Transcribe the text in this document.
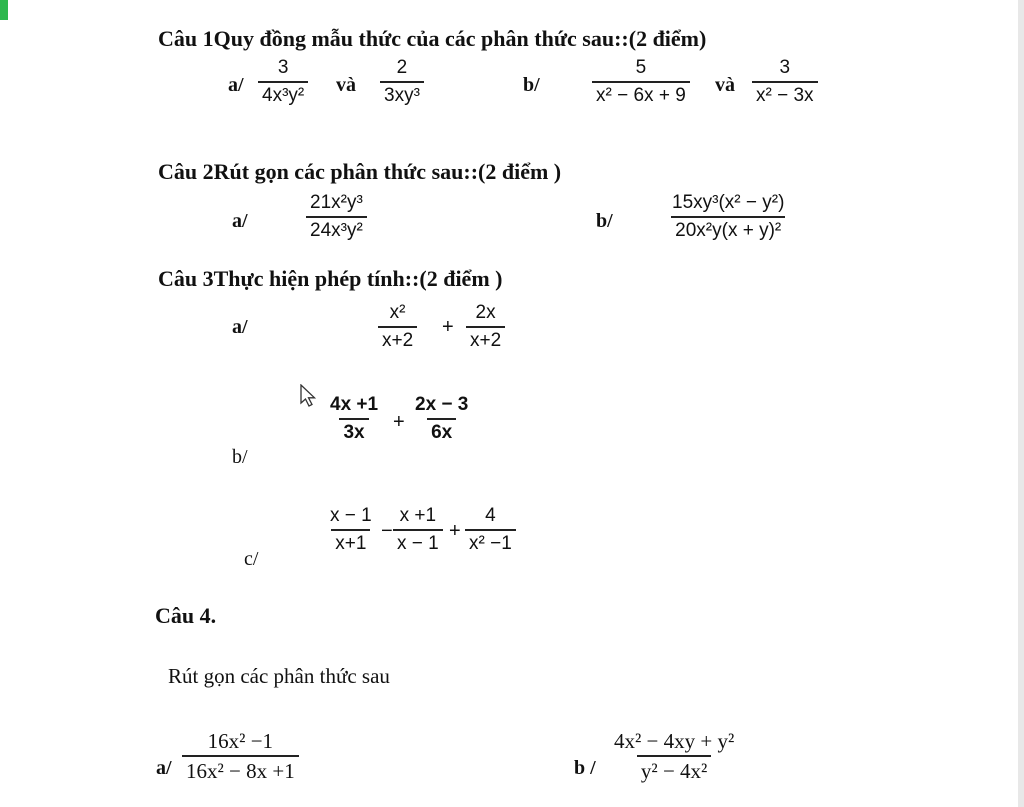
Câu 1Quy đồng mẫu thức của các phân thức sau::(2 điểm)
$a/ \frac{3}{\text{4x³y²}}$ và $\frac{2}{\text{3xy³}}$	b/	$\frac{5}{\text{x² − 6x + 9}}$ và $\frac{3}{\text{x² − 3x}}$
Câu 2Rút gọn các phân thức sau::(2 điểm )
a/	$\frac{\text{21x²y³}}{\text{24x³y²}}$	b/	$\frac{\text{15xy³(x² − y²)}}{\text{20x²y(x + y)²}}$
Câu 3Thực hiện phép tính::(2 điểm )
a/	$\frac{\text{x²}}{x+2} + \frac{2x}{x+2}$
b/
$\frac{4x +1}{3x} + \frac{2x - 3}{6x}$
c/
$\frac{x - 1}{x+1} - \frac{x +1}{x - 1} + \frac{4}{\text{x² −1}}$
Câu 4.
Rút gọn các phân thức sau
$a/ \frac{\text{16x² −1}}{\text{16x² − 8x +1}}$	b / $\frac{\text{4x² − 4xy + y²}}{\text{y² − 4x²}}$
